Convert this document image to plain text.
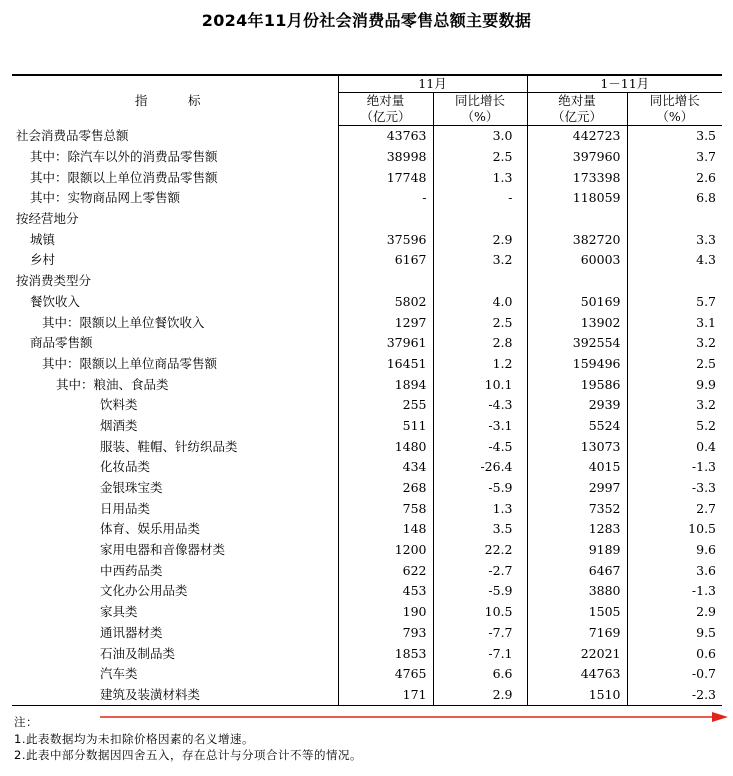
2024年11月份社会消费品零售总额主要数据
指　标	11月		1－11月	
	绝对量	同比增长	绝对量	同比增长
	（亿元）	（%）	（亿元）	（%）
社会消费品零售总额	43763	3.0	442723	3.5
其中：除汽车以外的消费品零售额	38998	2.5	397960	3.7
其中：限额以上单位消费品零售额	17748	1.3	173398	2.6
其中：实物商品网上零售额	-	-	118059	6.8
按经营地分				
城镇	37596	2.9	382720	3.3
乡村	6167	3.2	60003	4.3
按消费类型分				
餐饮收入	5802	4.0	50169	5.7
其中：限额以上单位餐饮收入	1297	2.5	13902	3.1
商品零售额	37961	2.8	392554	3.2
其中：限额以上单位商品零售额	16451	1.2	159496	2.5
其中：粮油、食品类	1894	10.1	19586	9.9
饮料类	255	-4.3	2939	3.2
烟酒类	511	-3.1	5524	5.2
服装、鞋帽、针纺织品类	1480	-4.5	13073	0.4
化妆品类	434	-26.4	4015	-1.3
金银珠宝类	268	-5.9	2997	-3.3
日用品类	758	1.3	7352	2.7
体育、娱乐用品类	148	3.5	1283	10.5
家用电器和音像器材类	1200	22.2	9189	9.6
中西药品类	622	-2.7	6467	3.6
文化办公用品类	453	-5.9	3880	-1.3
家具类	190	10.5	1505	2.9
通讯器材类	793	-7.7	7169	9.5
石油及制品类	1853	-7.1	22021	0.6
汽车类	4765	6.6	44763	-0.7
建筑及装潢材料类	171	2.9	1510	-2.3
注：
1.此表数据均为未扣除价格因素的名义增速。
2.此表中部分数据因四舍五入，存在总计与分项合计不等的情况。
